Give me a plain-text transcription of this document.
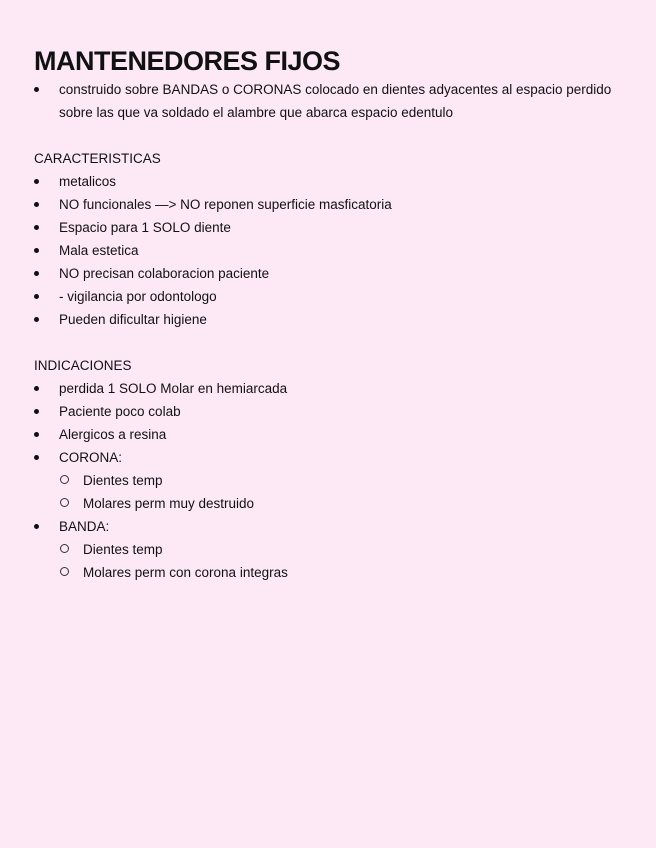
MANTENEDORES FIJOS
construido sobre BANDAS o CORONAS colocado en dientes adyacentes al espacio perdido sobre las que va soldado el alambre que abarca espacio edentulo
CARACTERISTICAS
metalicos
NO funcionales —> NO reponen superficie masficatoria
Espacio para 1 SOLO diente
Mala estetica
NO precisan colaboracion paciente
- vigilancia por odontologo
Pueden dificultar higiene
INDICACIONES
perdida 1 SOLO Molar en hemiarcada
Paciente poco colab
Alergicos a resina
CORONA:
Dientes temp
Molares perm muy destruido
BANDA:
Dientes temp
Molares perm con corona integras
